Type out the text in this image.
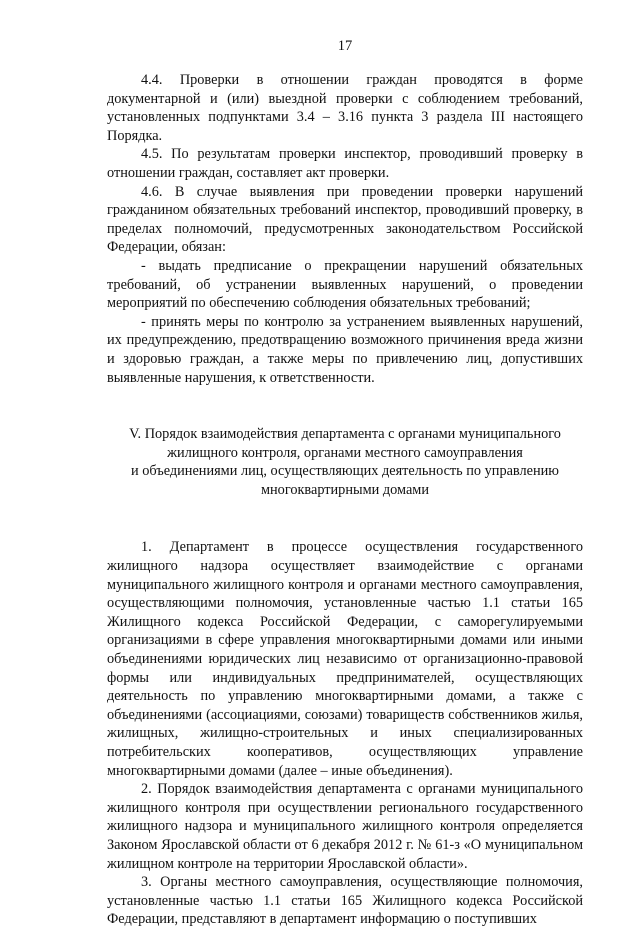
17

4.4. Проверки в отношении граждан проводятся в форме документарной и (или) выездной проверки с соблюдением требований, установленных подпунктами 3.4 – 3.16 пункта 3 раздела III настоящего Порядка.

4.5. По результатам проверки инспектор, проводивший проверку в отношении граждан, составляет акт проверки.

4.6. В случае выявления при проведении проверки нарушений гражданином обязательных требований инспектор, проводивший проверку, в пределах полномочий, предусмотренных законодательством Российской Федерации, обязан:

- выдать предписание о прекращении нарушений обязательных требований, об устранении выявленных нарушений, о проведении мероприятий по обеспечению соблюдения обязательных требований;

- принять меры по контролю за устранением выявленных нарушений, их предупреждению, предотвращению возможного причинения вреда жизни и здоровью граждан, а также меры по привлечению лиц, допустивших выявленные нарушения, к ответственности.

V. Порядок взаимодействия департамента с органами муниципального
жилищного контроля, органами местного самоуправления
и объединениями лиц, осуществляющих деятельность по управлению
многоквартирными домами

1. Департамент в процессе осуществления государственного жилищного надзора осуществляет взаимодействие с органами муниципального жилищного контроля и органами местного самоуправления, осуществляющими полномочия, установленные частью 1.1 статьи 165 Жилищного кодекса Российской Федерации, с саморегулируемыми организациями в сфере управления многоквартирными домами или иными объединениями юридических лиц независимо от организационно-правовой формы или индивидуальных предпринимателей, осуществляющих деятельность по управлению многоквартирными домами, а также с объединениями (ассоциациями, союзами) товариществ собственников жилья, жилищных, жилищно-строительных и иных специализированных потребительских кооперативов, осуществляющих управление многоквартирными домами (далее – иные объединения).

2. Порядок взаимодействия департамента с органами муниципального жилищного контроля при осуществлении регионального государственного жилищного надзора и муниципального жилищного контроля определяется Законом Ярославской области от 6 декабря 2012 г. № 61-з «О муниципальном жилищном контроле на территории Ярославской области».

3. Органы местного самоуправления, осуществляющие полномочия, установленные частью 1.1 статьи 165 Жилищного кодекса Российской Федерации, представляют в департамент информацию о поступивших
